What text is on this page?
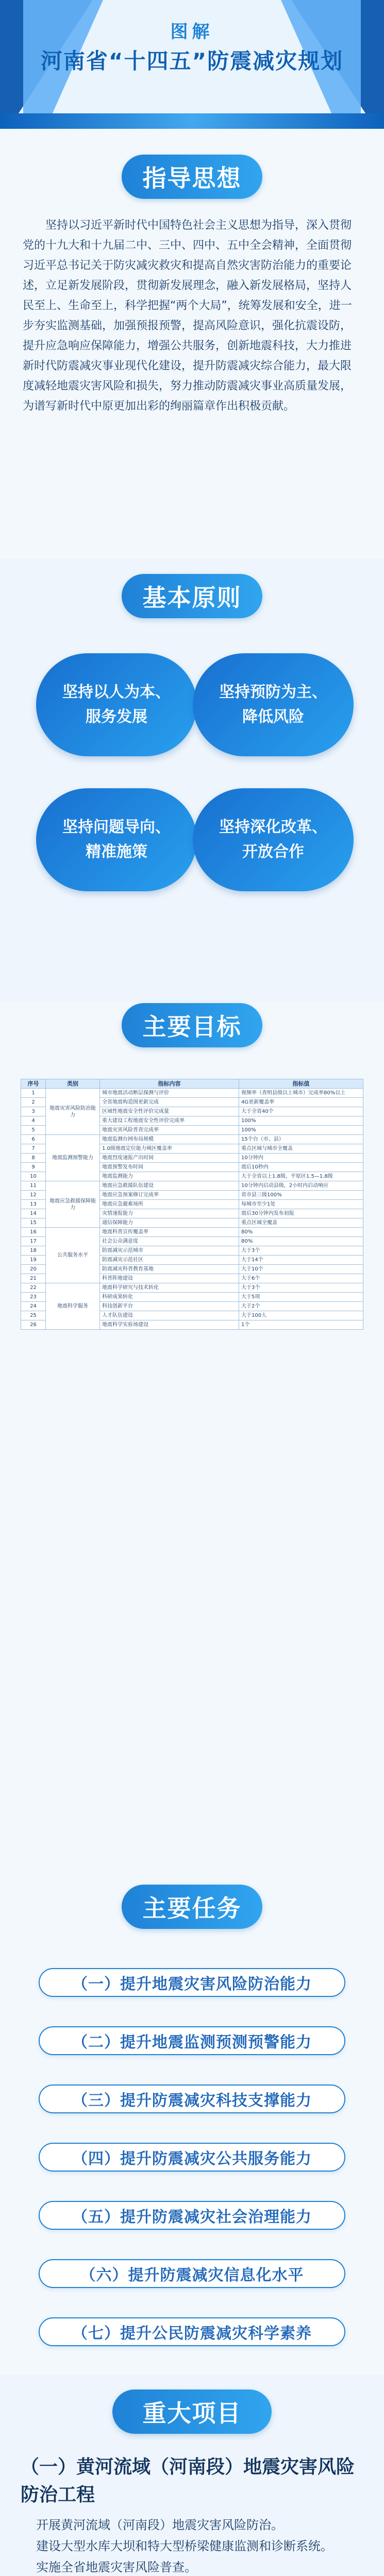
图解
河南省“十四五”防震减灾规划
指导思想
坚持以习近平新时代中国特色社会主义思想为指导，深入贯彻党的十九大和十九届二中、三中、四中、五中全会精神，全面贯彻习近平总书记关于防灾减灾救灾和提高自然灾害防治能力的重要论述，立足新发展阶段，贯彻新发展理念，融入新发展格局，坚持人民至上、生命至上，科学把握“两个大局”，统筹发展和安全，进一步夯实监测基础，加强预报预警，提高风险意识，强化抗震设防，提升应急响应保障能力，增强公共服务，创新地震科技，大力推进新时代防震减灾事业现代化建设，提升防震减灾综合能力，最大限度减轻地震灾害风险和损失，努力推动防震减灾事业高质量发展，为谱写新时代中原更加出彩的绚丽篇章作出积极贡献。
基本原则
坚持以人为本、
服务发展
坚持预防为主、
降低风险
坚持问题导向、
精准施策
坚持深化改革、
开放合作
主要目标
序号	类别	指标内容	指标值
1	地震灾害风险防治能力	城市地震活动断层探测与评价	视频率（查明县级以上城市）完成率80%以上
2		全省地震构造图更新完成	4G更新覆盖率
3		区域性地震安全性评价完成量	大于全省40个
4		重大建设工程地震安全性评价完成率	100%
5		地震灾害风险普查完成率	100%
6	地震监测预警能力	地震监测台网布局规模	15个台（市、县）
7		1.0级地震定位能力城区覆盖率	重点区域与城市全覆盖
8		地震烈度速报产出时间	10分钟内
9		地震预警发布时间	震后10秒内
10		地震监测能力	大于全省以上1.8级，平原区1.5—1.8级
11	地震应急救援保障能力	地震应急救援队伍建设	10分钟内启动县级，2小时内启动响应
12		地震应急预案修订完成率	省市县三级100%
13		地震应急避难场所	每城市至少1处
14		灾情速报能力	震后30分钟内发布初报
15		通信保障能力	重点区域全覆盖
16	公共服务水平	地震科普宣传覆盖率	80%
17		社会公众满意度	80%
18		防震减灾示范城市	大于3个
19		防震减灾示范社区	大于14个
20		防震减灾科普教育基地	大于10个
21		科普阵地建设	大于6个
22	地震科学服务	地震科学研究与技术转化	大于3个
23		科研成果转化	大于5项
24		科技创新平台	大于2个
25		人才队伍建设	大于100人
26		地震科学实验场建设	1个
主要任务
（一）提升地震灾害风险防治能力
（二）提升地震监测预测预警能力
（三）提升防震减灾科技支撑能力
（四）提升防震减灾公共服务能力
（五）提升防震减灾社会治理能力
（六）提升防震减灾信息化水平
（七）提升公民防震减灾科学素养
重大项目
（一）黄河流域（河南段）地震灾害风险防治工程
开展黄河流域（河南段）地震灾害风险防治。
建设大型水库大坝和特大型桥梁健康监测和诊断系统。
实施全省地震灾害风险普查。
